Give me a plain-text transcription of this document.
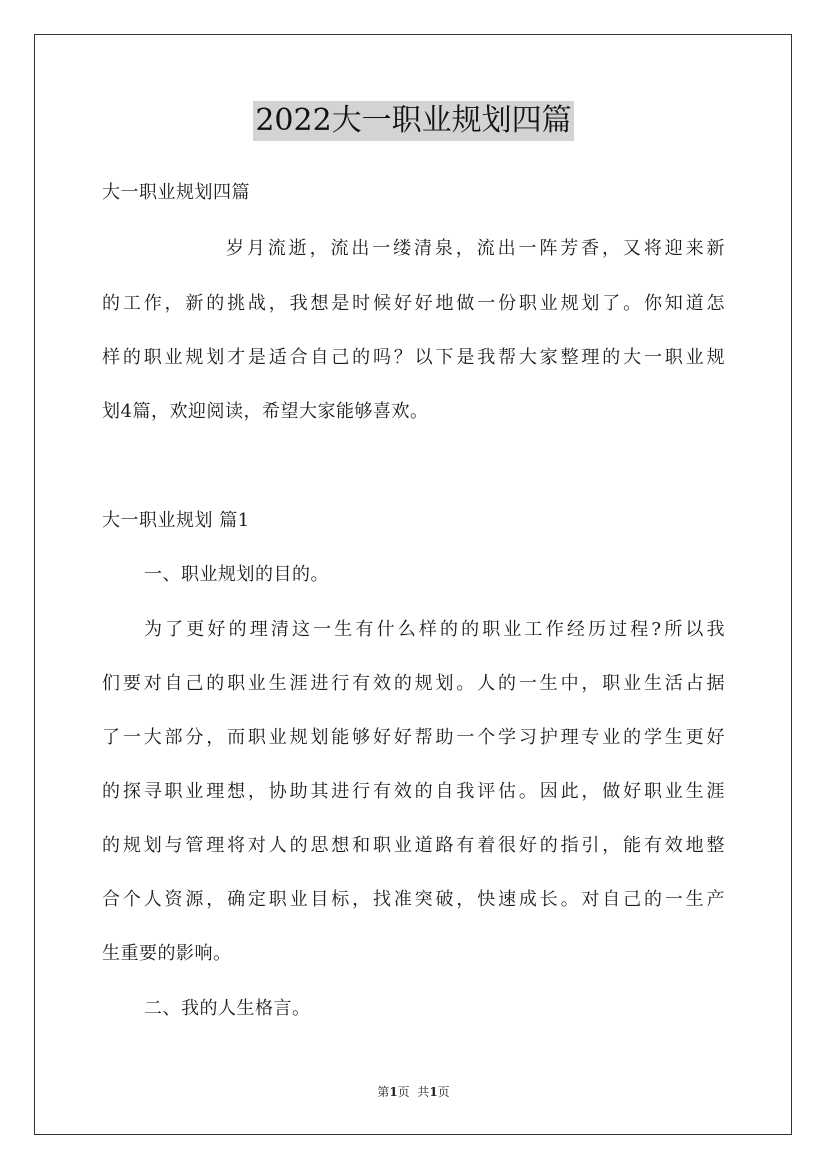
2022大一职业规划四篇
大一职业规划四篇
岁月流逝，流出一缕清泉，流出一阵芳香，又将迎来新
的工作，新的挑战，我想是时候好好地做一份职业规划了。你知道怎
样的职业规划才是适合自己的吗？以下是我帮大家整理的大一职业规
划4篇，欢迎阅读，希望大家能够喜欢。
大一职业规划 篇1
一、职业规划的目的。
为了更好的理清这一生有什么样的的职业工作经历过程?所以我
们要对自己的职业生涯进行有效的规划。人的一生中，职业生活占据
了一大部分，而职业规划能够好好帮助一个学习护理专业的学生更好
的探寻职业理想，协助其进行有效的自我评估。因此，做好职业生涯
的规划与管理将对人的思想和职业道路有着很好的指引，能有效地整
合个人资源，确定职业目标，找准突破，快速成长。对自己的一生产
生重要的影响。
二、我的人生格言。
第1页  共1页
